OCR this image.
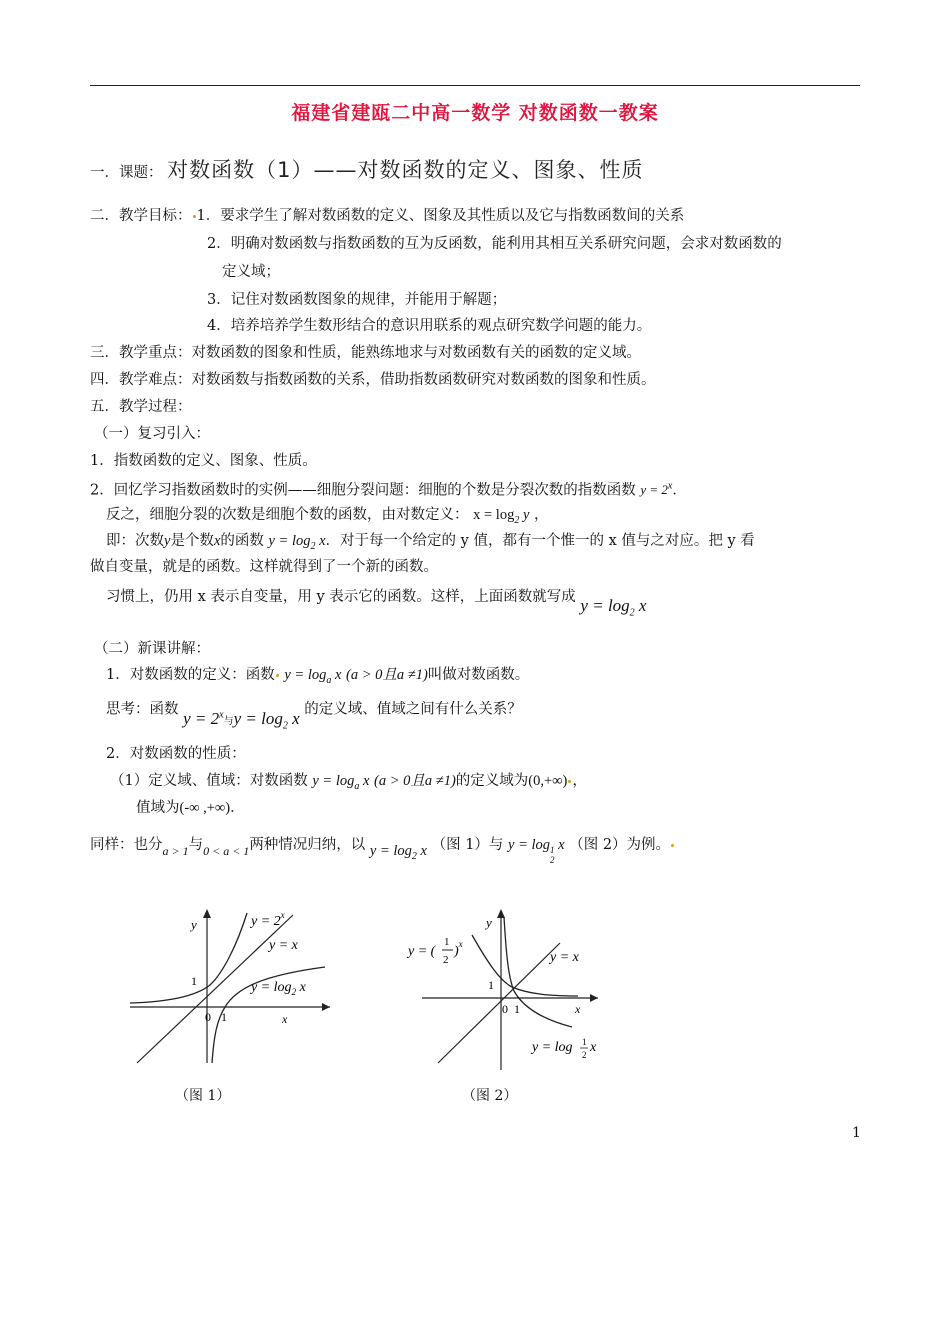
福建省建瓯二中高一数学 对数函数一教案
一．课题： 对数函数（1）——对数函数的定义、图象、性质
二．教学目标： 1．要求学生了解对数函数的定义、图象及其性质以及它与指数函数间的关系
2．明确对数函数与指数函数的互为反函数，能利用其相互关系研究问题，会求对数函数的
定义域；
3．记住对数函数图象的规律，并能用于解题；
4．培养培养学生数形结合的意识用联系的观点研究数学问题的能力。
三．教学重点：对数函数的图象和性质，能熟练地求与对数函数有关的函数的定义域。
四．教学难点：对数函数与指数函数的关系，借助指数函数研究对数函数的图象和性质。
五．教学过程：
（一）复习引入：
1．指数函数的定义、图象、性质。
2．回忆学习指数函数时的实例——细胞分裂问题：细胞的个数是分裂次数的指数函数 $y = 2^x$．
反之，细胞分裂的次数是细胞个数的函数，由对数定义： $x = \log_2 y$ ，
即：次数y是个数x的函数 $y = \log_2 x$．对于每一个给定的 y 值，都有一个惟一的 x 值与之对应。把 y 看
做自变量，就是的函数。这样就得到了一个新的函数。
习惯上，仍用 x 表示自变量，用 y 表示它的函数。这样，上面函数就写成 $y = \log_2 x$
（二）新课讲解：
1．对数函数的定义：函数 $y = \log_a x$ (a > 0且a ≠1)叫做对数函数。
思考：函数 $y = 2^x$与$y = \log_2 x$ 的定义域、值域之间有什么关系？
2．对数函数的性质：
（1）定义域、值域：对数函数 $y = \log_a x$ (a > 0且a ≠1)的定义域为(0,+∞) ，
值域为(-∞ ,+∞)．
同样：也分$_{a > 1}$与$_{0 < a < 1}$两种情况归纳，以 $y = \log_2 x$ （图 1）与 y = log1
2 x （图 2）为例。
y
x
1
0 1
$y = 2^x$
y = x
$y = \log_2 x$
（图 1）
y
x
1
0 1
y = (
1
2
)$^x$
y = x
y = log 1
2 x
（图 2）
1
